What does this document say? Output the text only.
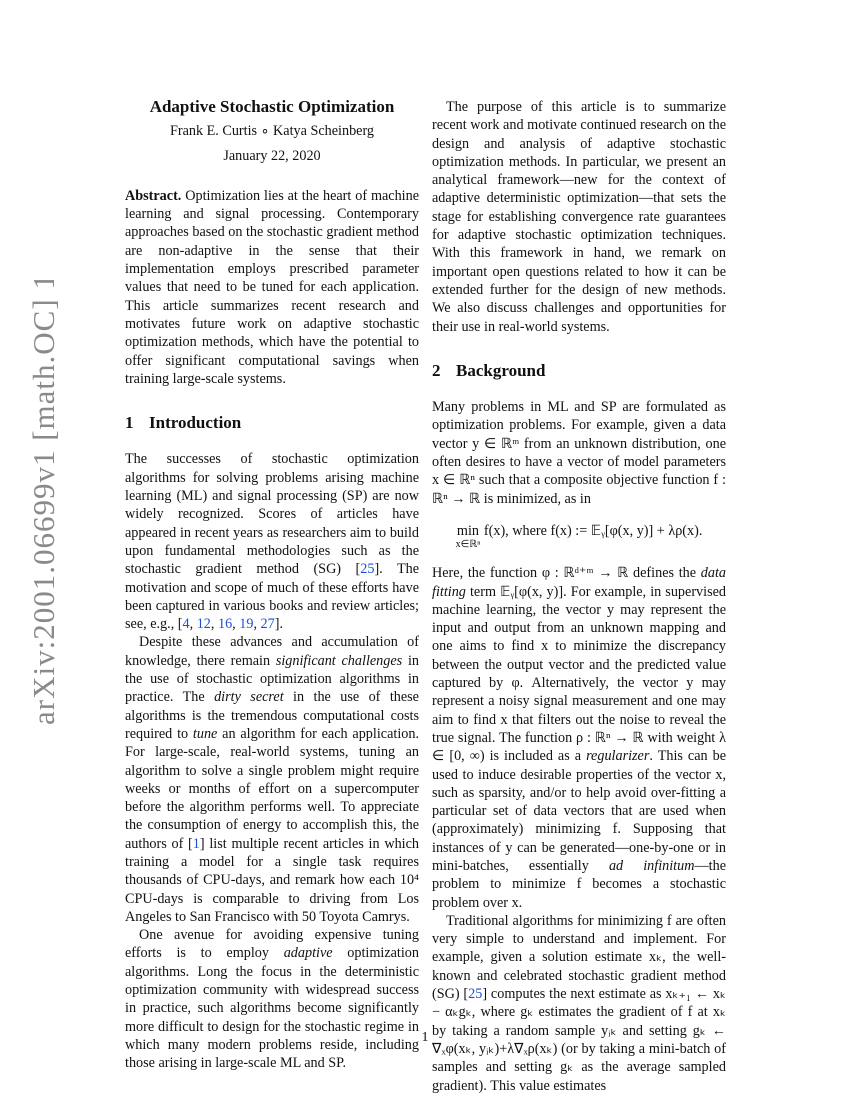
arXiv:2001.06699v1 [math.OC] 18 Jan 2020
Adaptive Stochastic Optimization
Frank E. Curtis ∘ Katya Scheinberg
January 22, 2020

Abstract. Optimization lies at the heart of machine learning and signal processing. Contemporary approaches based on the stochastic gradient method are non-adaptive in the sense that their implementation employs prescribed parameter values that need to be tuned for each application. This article summarizes recent research and motivates future work on adaptive stochastic optimization methods, which have the potential to offer significant computational savings when training large-scale systems.

1 Introduction

The successes of stochastic optimization algorithms for solving problems arising machine learning (ML) and signal processing (SP) are now widely recognized. Scores of articles have appeared in recent years as researchers aim to build upon fundamental methodologies such as the stochastic gradient method (SG) [25]. The motivation and scope of much of these efforts have been captured in various books and review articles; see, e.g., [4, 12, 16, 19, 27].

Despite these advances and accumulation of knowledge, there remain significant challenges in the use of stochastic optimization algorithms in practice. The dirty secret in the use of these algorithms is the tremendous computational costs required to tune an algorithm for each application. For large-scale, real-world systems, tuning an algorithm to solve a single problem might require weeks or months of effort on a supercomputer before the algorithm performs well. To appreciate the consumption of energy to accomplish this, the authors of [1] list multiple recent articles in which training a model for a single task requires thousands of CPU-days, and remark how each 10⁴ CPU-days is comparable to driving from Los Angeles to San Francisco with 50 Toyota Camrys.

One avenue for avoiding expensive tuning efforts is to employ adaptive optimization algorithms. Long the focus in the deterministic optimization community with widespread success in practice, such algorithms become significantly more difficult to design for the stochastic regime in which many modern problems reside, including those arising in large-scale ML and SP.

The purpose of this article is to summarize recent work and motivate continued research on the design and analysis of adaptive stochastic optimization methods. In particular, we present an analytical framework—new for the context of adaptive deterministic optimization—that sets the stage for establishing convergence rate guarantees for adaptive stochastic optimization techniques. With this framework in hand, we remark on important open questions related to how it can be extended further for the design of new methods. We also discuss challenges and opportunities for their use in real-world systems.

2 Background

Many problems in ML and SP are formulated as optimization problems. For example, given a data vector y ∈ ℝᵐ from an unknown distribution, one often desires to have a vector of model parameters x ∈ ℝⁿ such that a composite objective function f : ℝⁿ → ℝ is minimized, as in

min
x∈ℝⁿ
f(x), where f(x) := 𝔼ᵧ[φ(x, y)] + λρ(x).

Here, the function φ : ℝᵈ⁺ᵐ → ℝ defines the data fitting term 𝔼ᵧ[φ(x, y)]. For example, in supervised machine learning, the vector y may represent the input and output from an unknown mapping and one aims to find x to minimize the discrepancy between the output vector and the predicted value captured by φ. Alternatively, the vector y may represent a noisy signal measurement and one may aim to find x that filters out the noise to reveal the true signal. The function ρ : ℝⁿ → ℝ with weight λ ∈ [0, ∞) is included as a regularizer. This can be used to induce desirable properties of the vector x, such as sparsity, and/or to help avoid over-fitting a particular set of data vectors that are used when (approximately) minimizing f. Supposing that instances of y can be generated—one-by-one or in mini-batches, essentially ad infinitum—the problem to minimize f becomes a stochastic problem over x.

Traditional algorithms for minimizing f are often very simple to understand and implement. For example, given a solution estimate xₖ, the well-known and celebrated stochastic gradient method (SG) [25] computes the next estimate as xₖ₊₁ ← xₖ − αₖgₖ, where gₖ estimates the gradient of f at xₖ by taking a random sample yᵢₖ and setting gₖ ← ∇ₓφ(xₖ, yᵢₖ)+λ∇ₓρ(xₖ) (or by taking a mini-batch of samples and setting gₖ as the average sampled gradient). This value estimates

1
